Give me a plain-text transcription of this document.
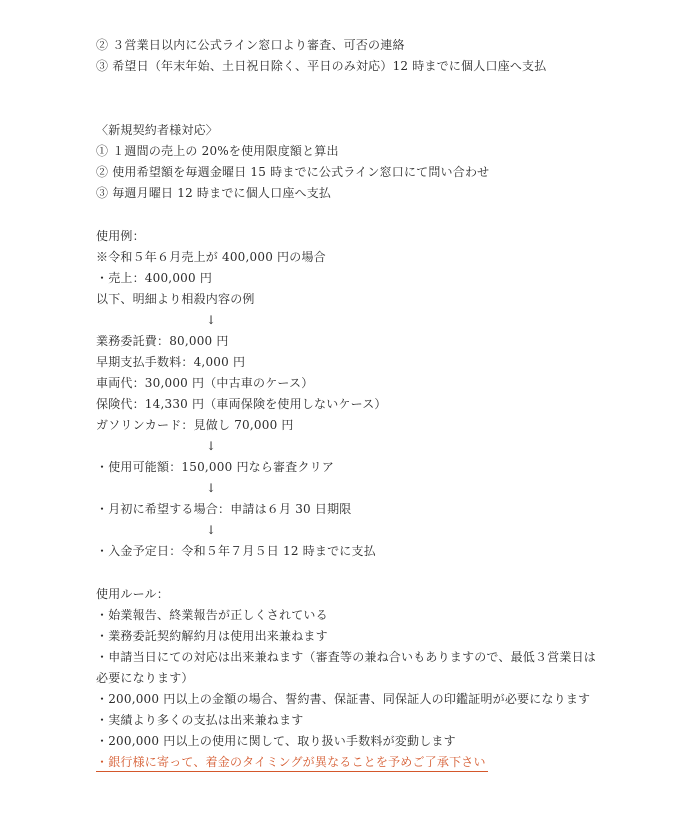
② ３営業日以内に公式ライン窓口より審査、可否の連絡
③ 希望日（年末年始、土日祝日除く、平日のみ対応）12 時までに個人口座へ支払
〈新規契約者様対応〉
① １週間の売上の 20%を使用限度額と算出
② 使用希望額を毎週金曜日 15 時までに公式ライン窓口にて問い合わせ
③ 毎週月曜日 12 時までに個人口座へ支払
使用例：
※令和５年６月売上が 400,000 円の場合
・売上：400,000 円
以下、明細より相殺内容の例
↓
業務委託費：80,000 円
早期支払手数料：4,000 円
車両代：30,000 円（中古車のケース）
保険代：14,330 円（車両保険を使用しないケース）
ガソリンカード：見做し 70,000 円
↓
・使用可能額：150,000 円なら審査クリア
↓
・月初に希望する場合：申請は６月 30 日期限
↓
・入金予定日：令和５年７月５日 12 時までに支払
使用ルール：
・始業報告、終業報告が正しくされている
・業務委託契約解約月は使用出来兼ねます
・申請当日にての対応は出来兼ねます（審査等の兼ね合いもありますので、最低３営業日は
必要になります）
・200,000 円以上の金額の場合、誓約書、保証書、同保証人の印鑑証明が必要になります
・実績より多くの支払は出来兼ねます
・200,000 円以上の使用に関して、取り扱い手数料が変動します
・銀行様に寄って、着金のタイミングが異なることを予めご了承下さい
